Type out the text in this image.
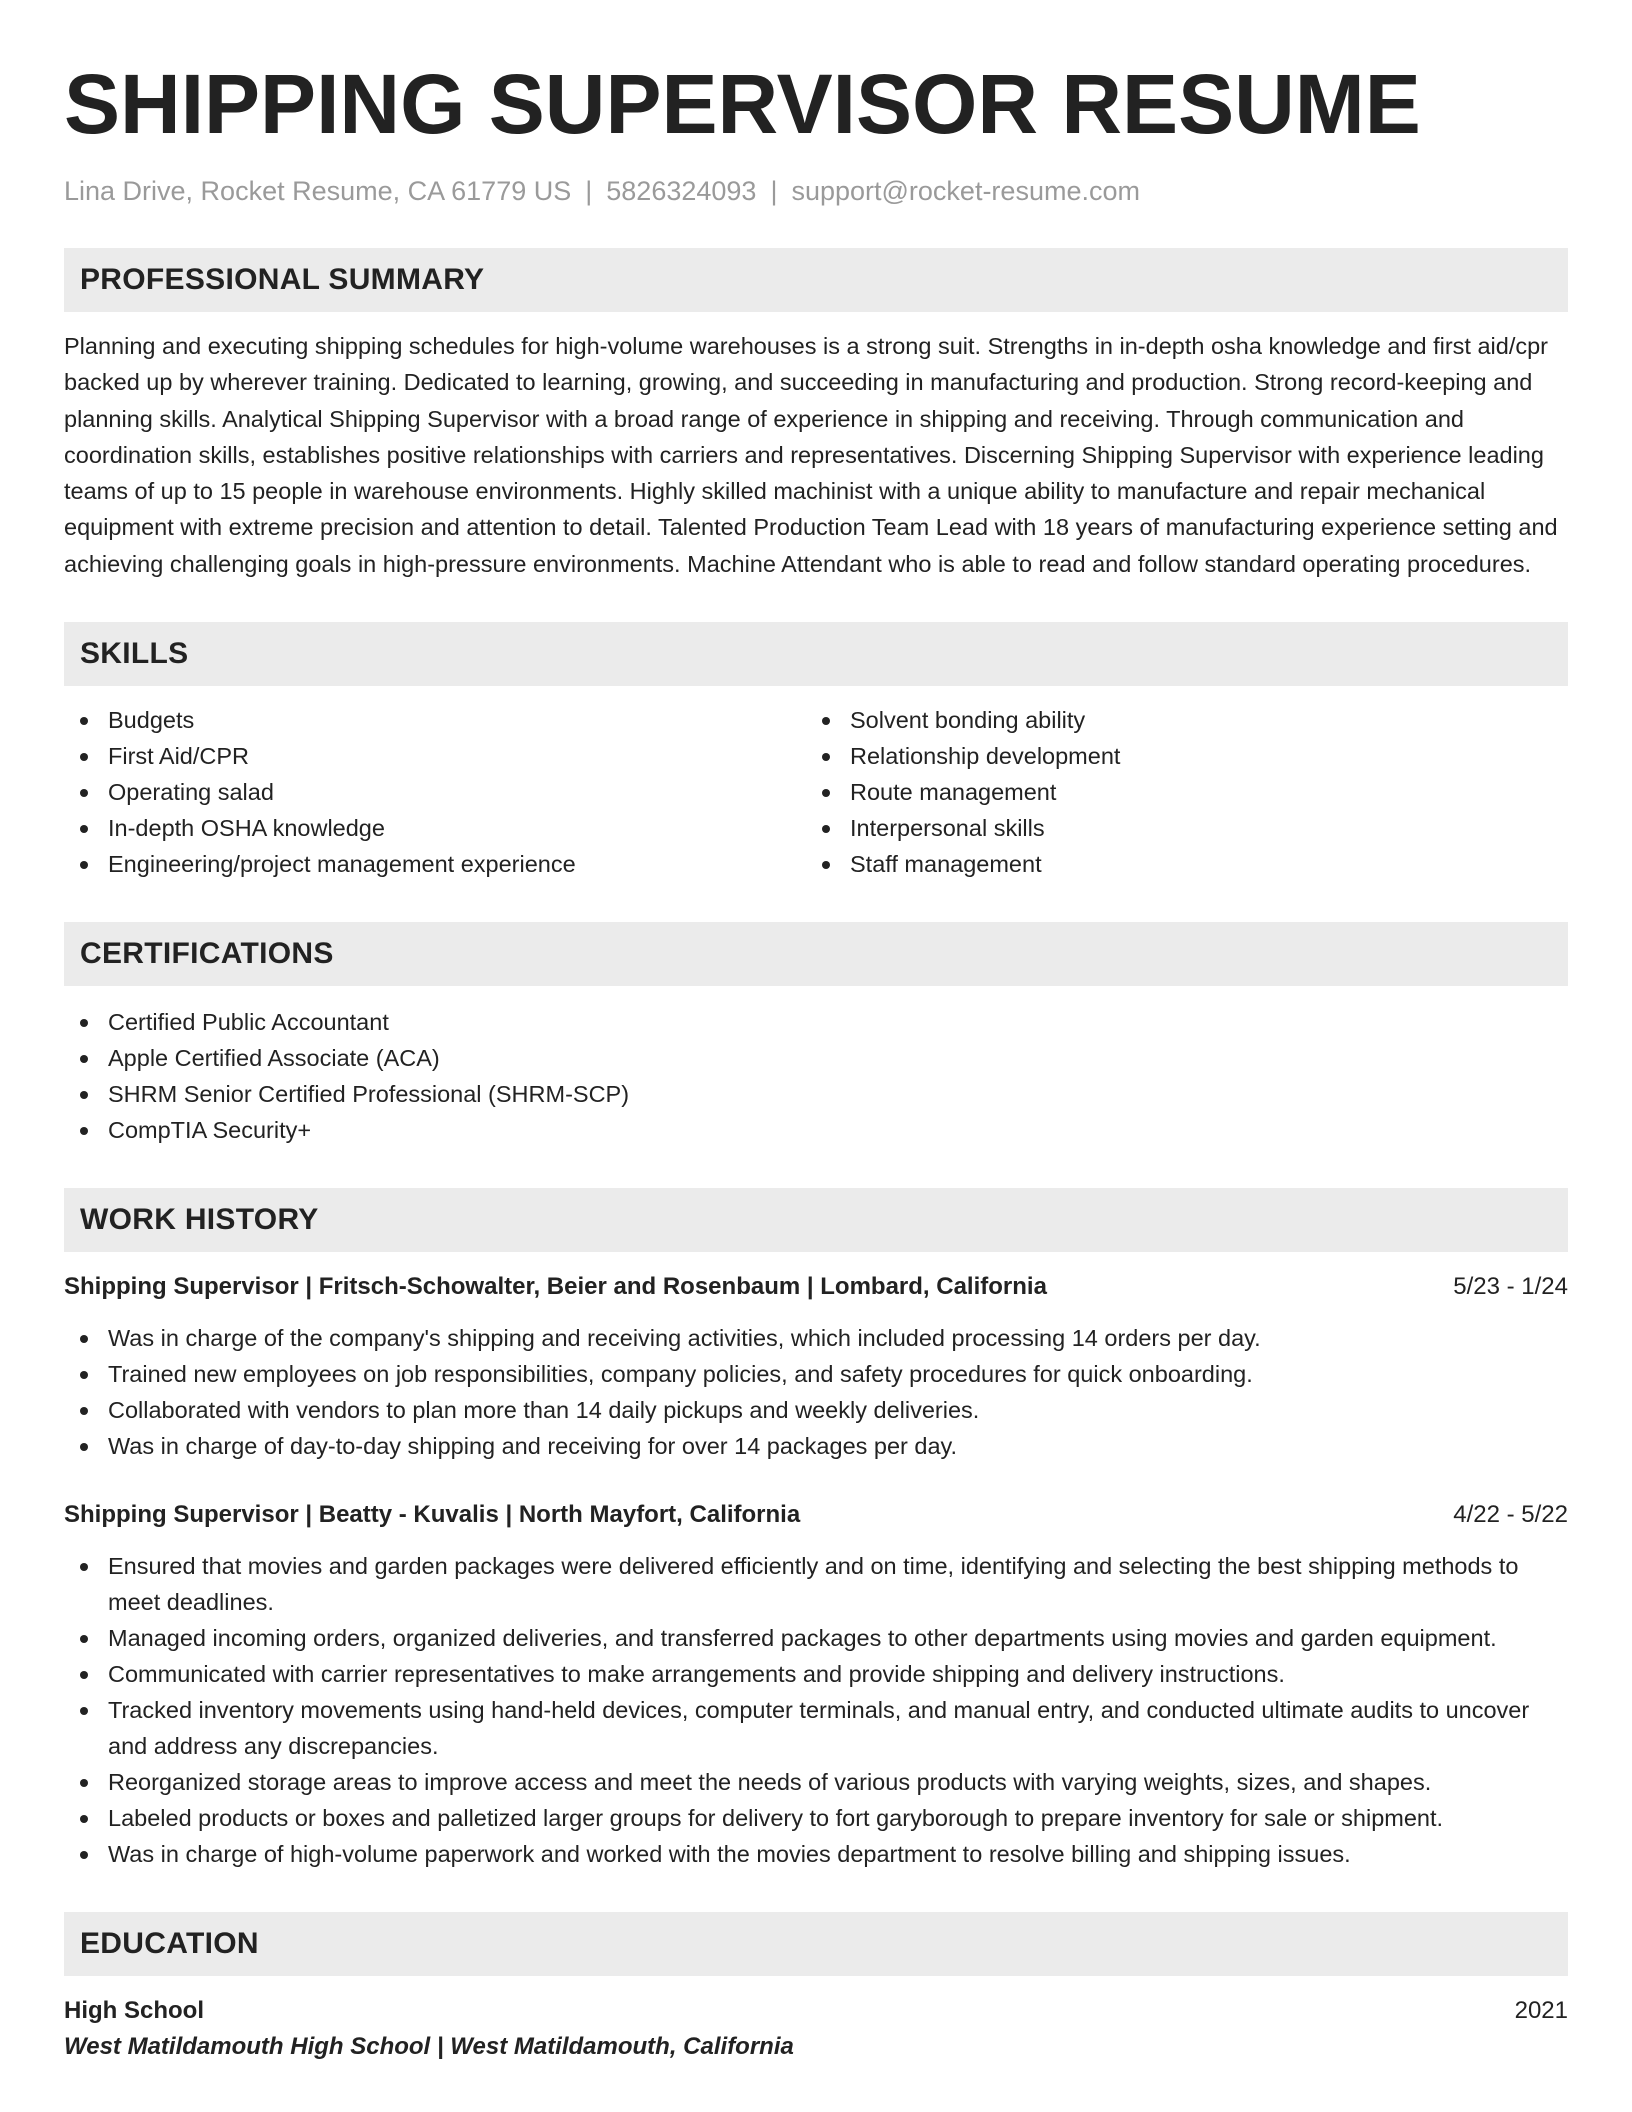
SHIPPING SUPERVISOR RESUME
Lina Drive, Rocket Resume, CA 61779 US | 5826324093 | support@rocket-resume.com
PROFESSIONAL SUMMARY

Planning and executing shipping schedules for high-volume warehouses is a strong suit. Strengths in in-depth osha knowledge and first aid/cpr backed up by wherever training. Dedicated to learning, growing, and succeeding in manufacturing and production. Strong record-keeping and planning skills. Analytical Shipping Supervisor with a broad range of experience in shipping and receiving. Through communication and coordination skills, establishes positive relationships with carriers and representatives. Discerning Shipping Supervisor with experience leading teams of up to 15 people in warehouse environments. Highly skilled machinist with a unique ability to manufacture and repair mechanical equipment with extreme precision and attention to detail. Talented Production Team Lead with 18 years of manufacturing experience setting and achieving challenging goals in high-pressure environments. Machine Attendant who is able to read and follow standard operating procedures.

SKILLS
Budgets
First Aid/CPR
Operating salad
In-depth OSHA knowledge
Engineering/project management experience
Solvent bonding ability
Relationship development
Route management
Interpersonal skills
Staff management
CERTIFICATIONS
Certified Public Accountant
Apple Certified Associate (ACA)
SHRM Senior Certified Professional (SHRM-SCP)
CompTIA Security+
WORK HISTORY
Shipping Supervisor | Fritsch-Schowalter, Beier and Rosenbaum | Lombard, California	5/23 - 1/24
Was in charge of the company's shipping and receiving activities, which included processing 14 orders per day.
Trained new employees on job responsibilities, company policies, and safety procedures for quick onboarding.
Collaborated with vendors to plan more than 14 daily pickups and weekly deliveries.
Was in charge of day-to-day shipping and receiving for over 14 packages per day.
Shipping Supervisor | Beatty - Kuvalis | North Mayfort, California	4/22 - 5/22
Ensured that movies and garden packages were delivered efficiently and on time, identifying and selecting the best shipping methods to meet deadlines.
Managed incoming orders, organized deliveries, and transferred packages to other departments using movies and garden equipment.
Communicated with carrier representatives to make arrangements and provide shipping and delivery instructions.
Tracked inventory movements using hand-held devices, computer terminals, and manual entry, and conducted ultimate audits to uncover and address any discrepancies.
Reorganized storage areas to improve access and meet the needs of various products with varying weights, sizes, and shapes.
Labeled products or boxes and palletized larger groups for delivery to fort garyborough to prepare inventory for sale or shipment.
Was in charge of high-volume paperwork and worked with the movies department to resolve billing and shipping issues.
EDUCATION
High School	2021
West Matildamouth High School | West Matildamouth, California
